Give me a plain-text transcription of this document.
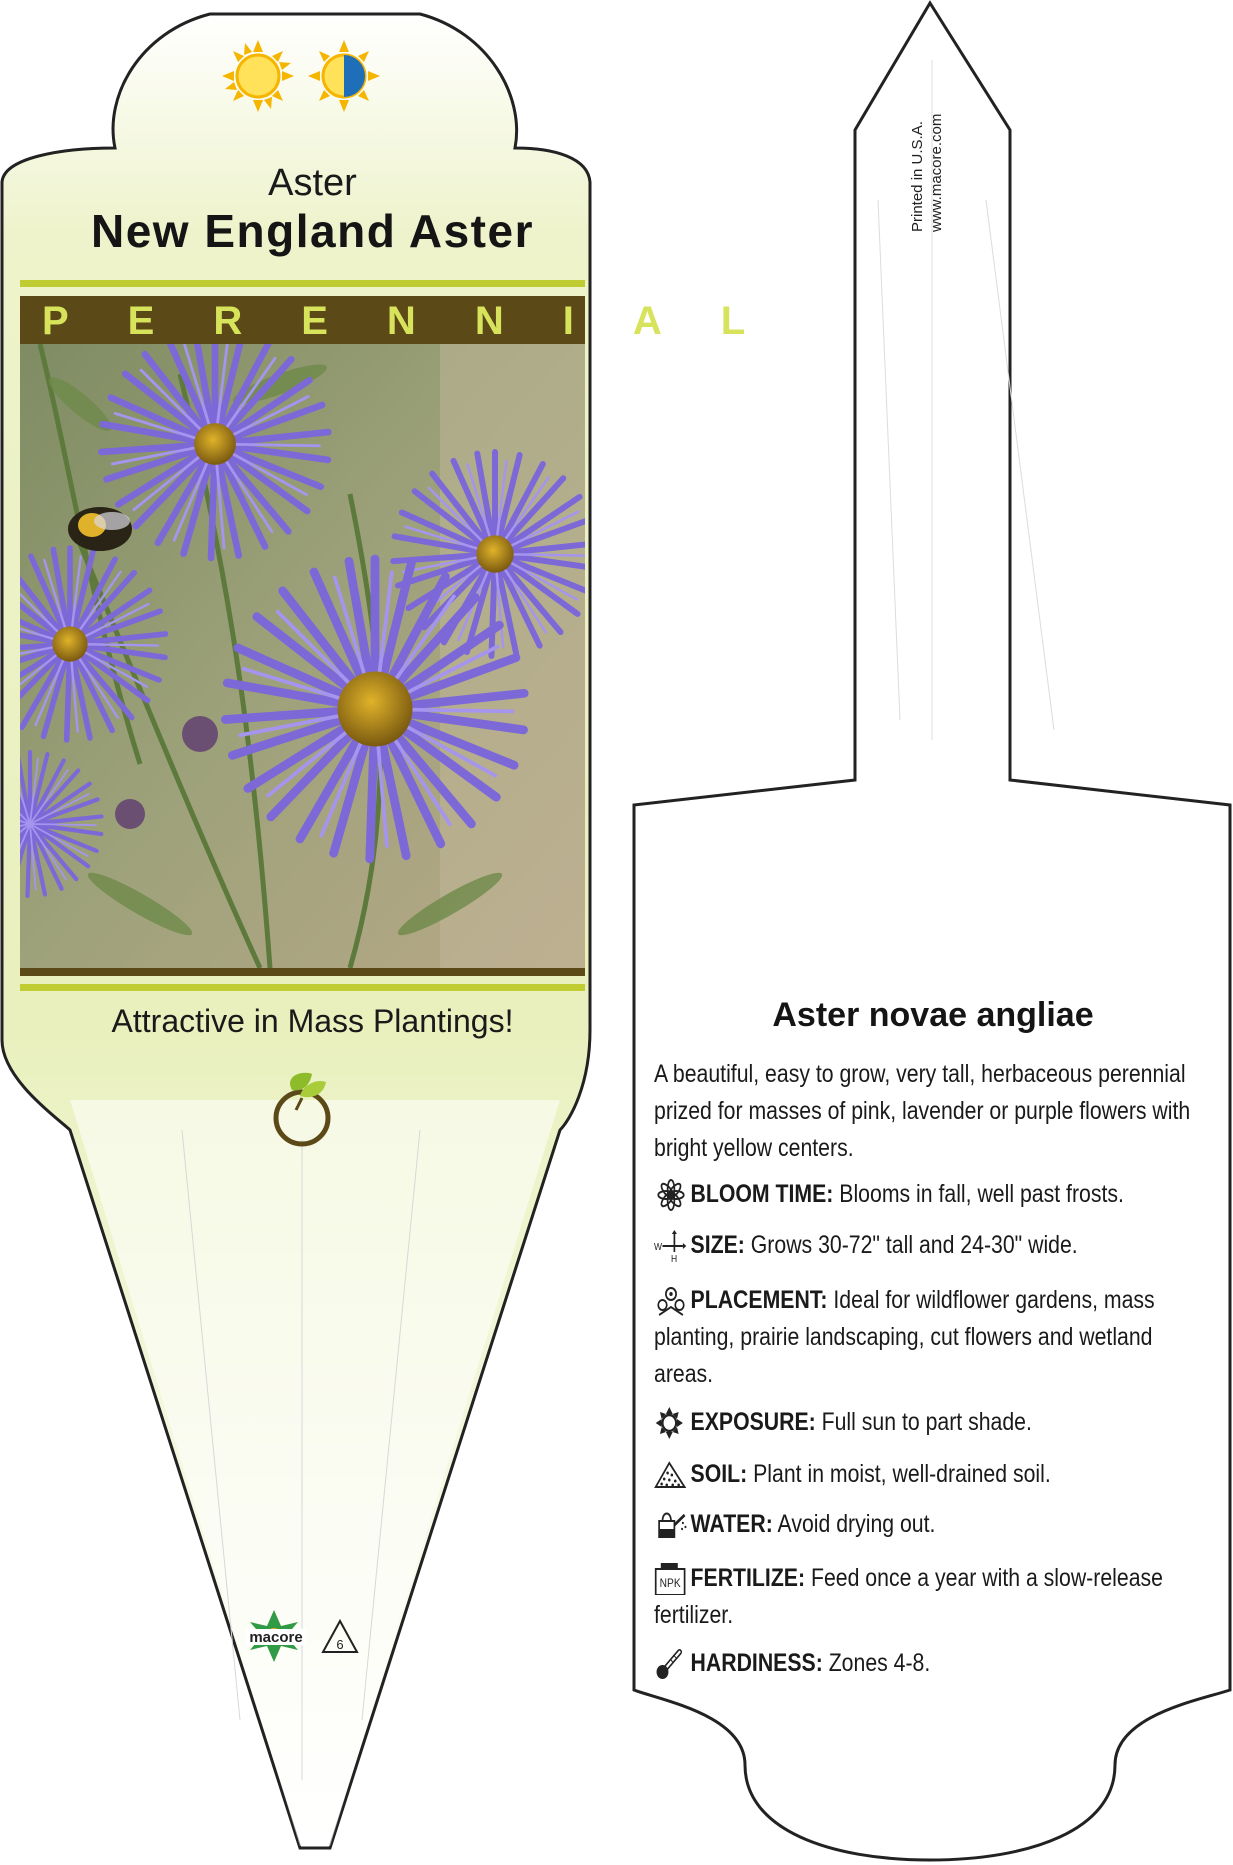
Aster
New England Aster
PERENNIAL
Attractive in Mass Plantings!
macore	6
Printed in U.S.A. www.macore.com
Aster novae angliae

A beautiful, easy to grow, very tall, herbaceous perennial prized for masses of pink, lavender or purple flowers with bright yellow centers.

BLOOM TIME: Blooms in fall, well past frosts.
W
H
SIZE: Grows 30-72" tall and 24-30" wide.
PLACEMENT: Ideal for wildflower gardens, mass planting, prairie landscaping, cut flowers and wetland areas.
EXPOSURE: Full sun to part shade.
SOIL: Plant in moist, well-drained soil.
WATER: Avoid drying out.
NPK FERTILIZE: Feed once a year with a slow-release fertilizer.
HARDINESS: Zones 4-8.
